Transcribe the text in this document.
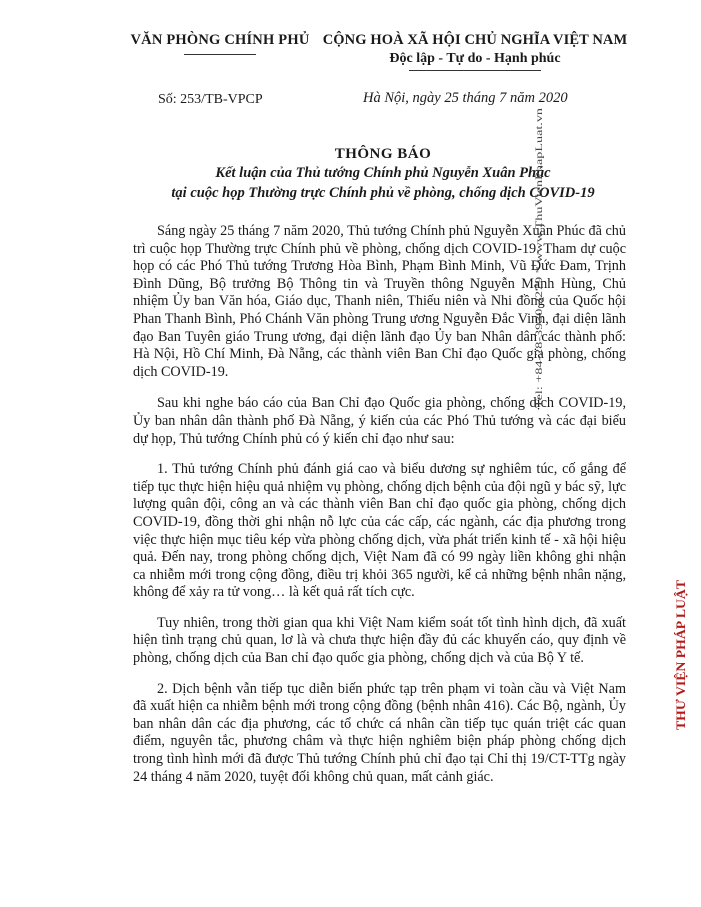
VĂN PHÒNG CHÍNH PHỦ CỘNG HOÀ XÃ HỘI CHỦ NGHĨA VIỆT NAM
Độc lập - Tự do - Hạnh phúc
Số: 253/TB-VPCP	Hà Nội, ngày 25 tháng 7 năm 2020
THÔNG BÁO
Kết luận của Thủ tướng Chính phủ Nguyễn Xuân Phúc
tại cuộc họp Thường trực Chính phủ về phòng, chống dịch COVID-19

Sáng ngày 25 tháng 7 năm 2020, Thủ tướng Chính phủ Nguyễn Xuân Phúc đã chủ trì cuộc họp Thường trực Chính phủ về phòng, chống dịch COVID-19. Tham dự cuộc họp có các Phó Thủ tướng Trương Hòa Bình, Phạm Bình Minh, Vũ Đức Đam, Trịnh Đình Dũng, Bộ trưởng Bộ Thông tin và Truyền thông Nguyễn Mạnh Hùng, Chủ nhiệm Ủy ban Văn hóa, Giáo dục, Thanh niên, Thiếu niên và Nhi đồng của Quốc hội Phan Thanh Bình, Phó Chánh Văn phòng Trung ương Nguyễn Đắc Vinh, đại diện lãnh đạo Ban Tuyên giáo Trung ương, đại diện lãnh đạo Ủy ban Nhân dân các thành phố: Hà Nội, Hồ Chí Minh, Đà Nẵng, các thành viên Ban Chỉ đạo Quốc gia phòng, chống dịch COVID-19.

Sau khi nghe báo cáo của Ban Chỉ đạo Quốc gia phòng, chống dịch COVID-19, Ủy ban nhân dân thành phố Đà Nẵng, ý kiến của các Phó Thủ tướng và các đại biểu dự họp, Thủ tướng Chính phủ có ý kiến chỉ đạo như sau:

1. Thủ tướng Chính phủ đánh giá cao và biểu dương sự nghiêm túc, cố gắng để tiếp tục thực hiện hiệu quả nhiệm vụ phòng, chống dịch bệnh của đội ngũ y bác sỹ, lực lượng quân đội, công an và các thành viên Ban chỉ đạo quốc gia phòng, chống dịch COVID-19, đồng thời ghi nhận nỗ lực của các cấp, các ngành, các địa phương trong việc thực hiện mục tiêu kép vừa phòng chống dịch, vừa phát triển kinh tế - xã hội hiệu quả. Đến nay, trong phòng chống dịch, Việt Nam đã có 99 ngày liền không ghi nhận ca nhiễm mới trong cộng đồng, điều trị khỏi 365 người, kể cả những bệnh nhân nặng, không để xảy ra tử vong… là kết quả rất tích cực.

Tuy nhiên, trong thời gian qua khi Việt Nam kiểm soát tốt tình hình dịch, đã xuất hiện tình trạng chủ quan, lơ là và chưa thực hiện đầy đủ các khuyến cáo, quy định về phòng, chống dịch của Ban chỉ đạo quốc gia phòng, chống dịch và của Bộ Y tế.

2. Dịch bệnh vẫn tiếp tục diễn biến phức tạp trên phạm vi toàn cầu và Việt Nam đã xuất hiện ca nhiễm bệnh mới trong cộng đồng (bệnh nhân 416). Các Bộ, ngành, Ủy ban nhân dân các địa phương, các tổ chức cá nhân cần tiếp tục quán triệt các quan điểm, nguyên tắc, phương châm và thực hiện nghiêm biện pháp phòng chống dịch trong tình hình mới đã được Thủ tướng Chính phủ chỉ đạo tại Chỉ thị 19/CT-TTg ngày 24 tháng 4 năm 2020, tuyệt đối không chủ quan, mất cảnh giác.

Tel: +84-28-3930 3279 * www.ThuVienPhapLuat.vn
THƯ VIỆN PHÁP LUẬT
